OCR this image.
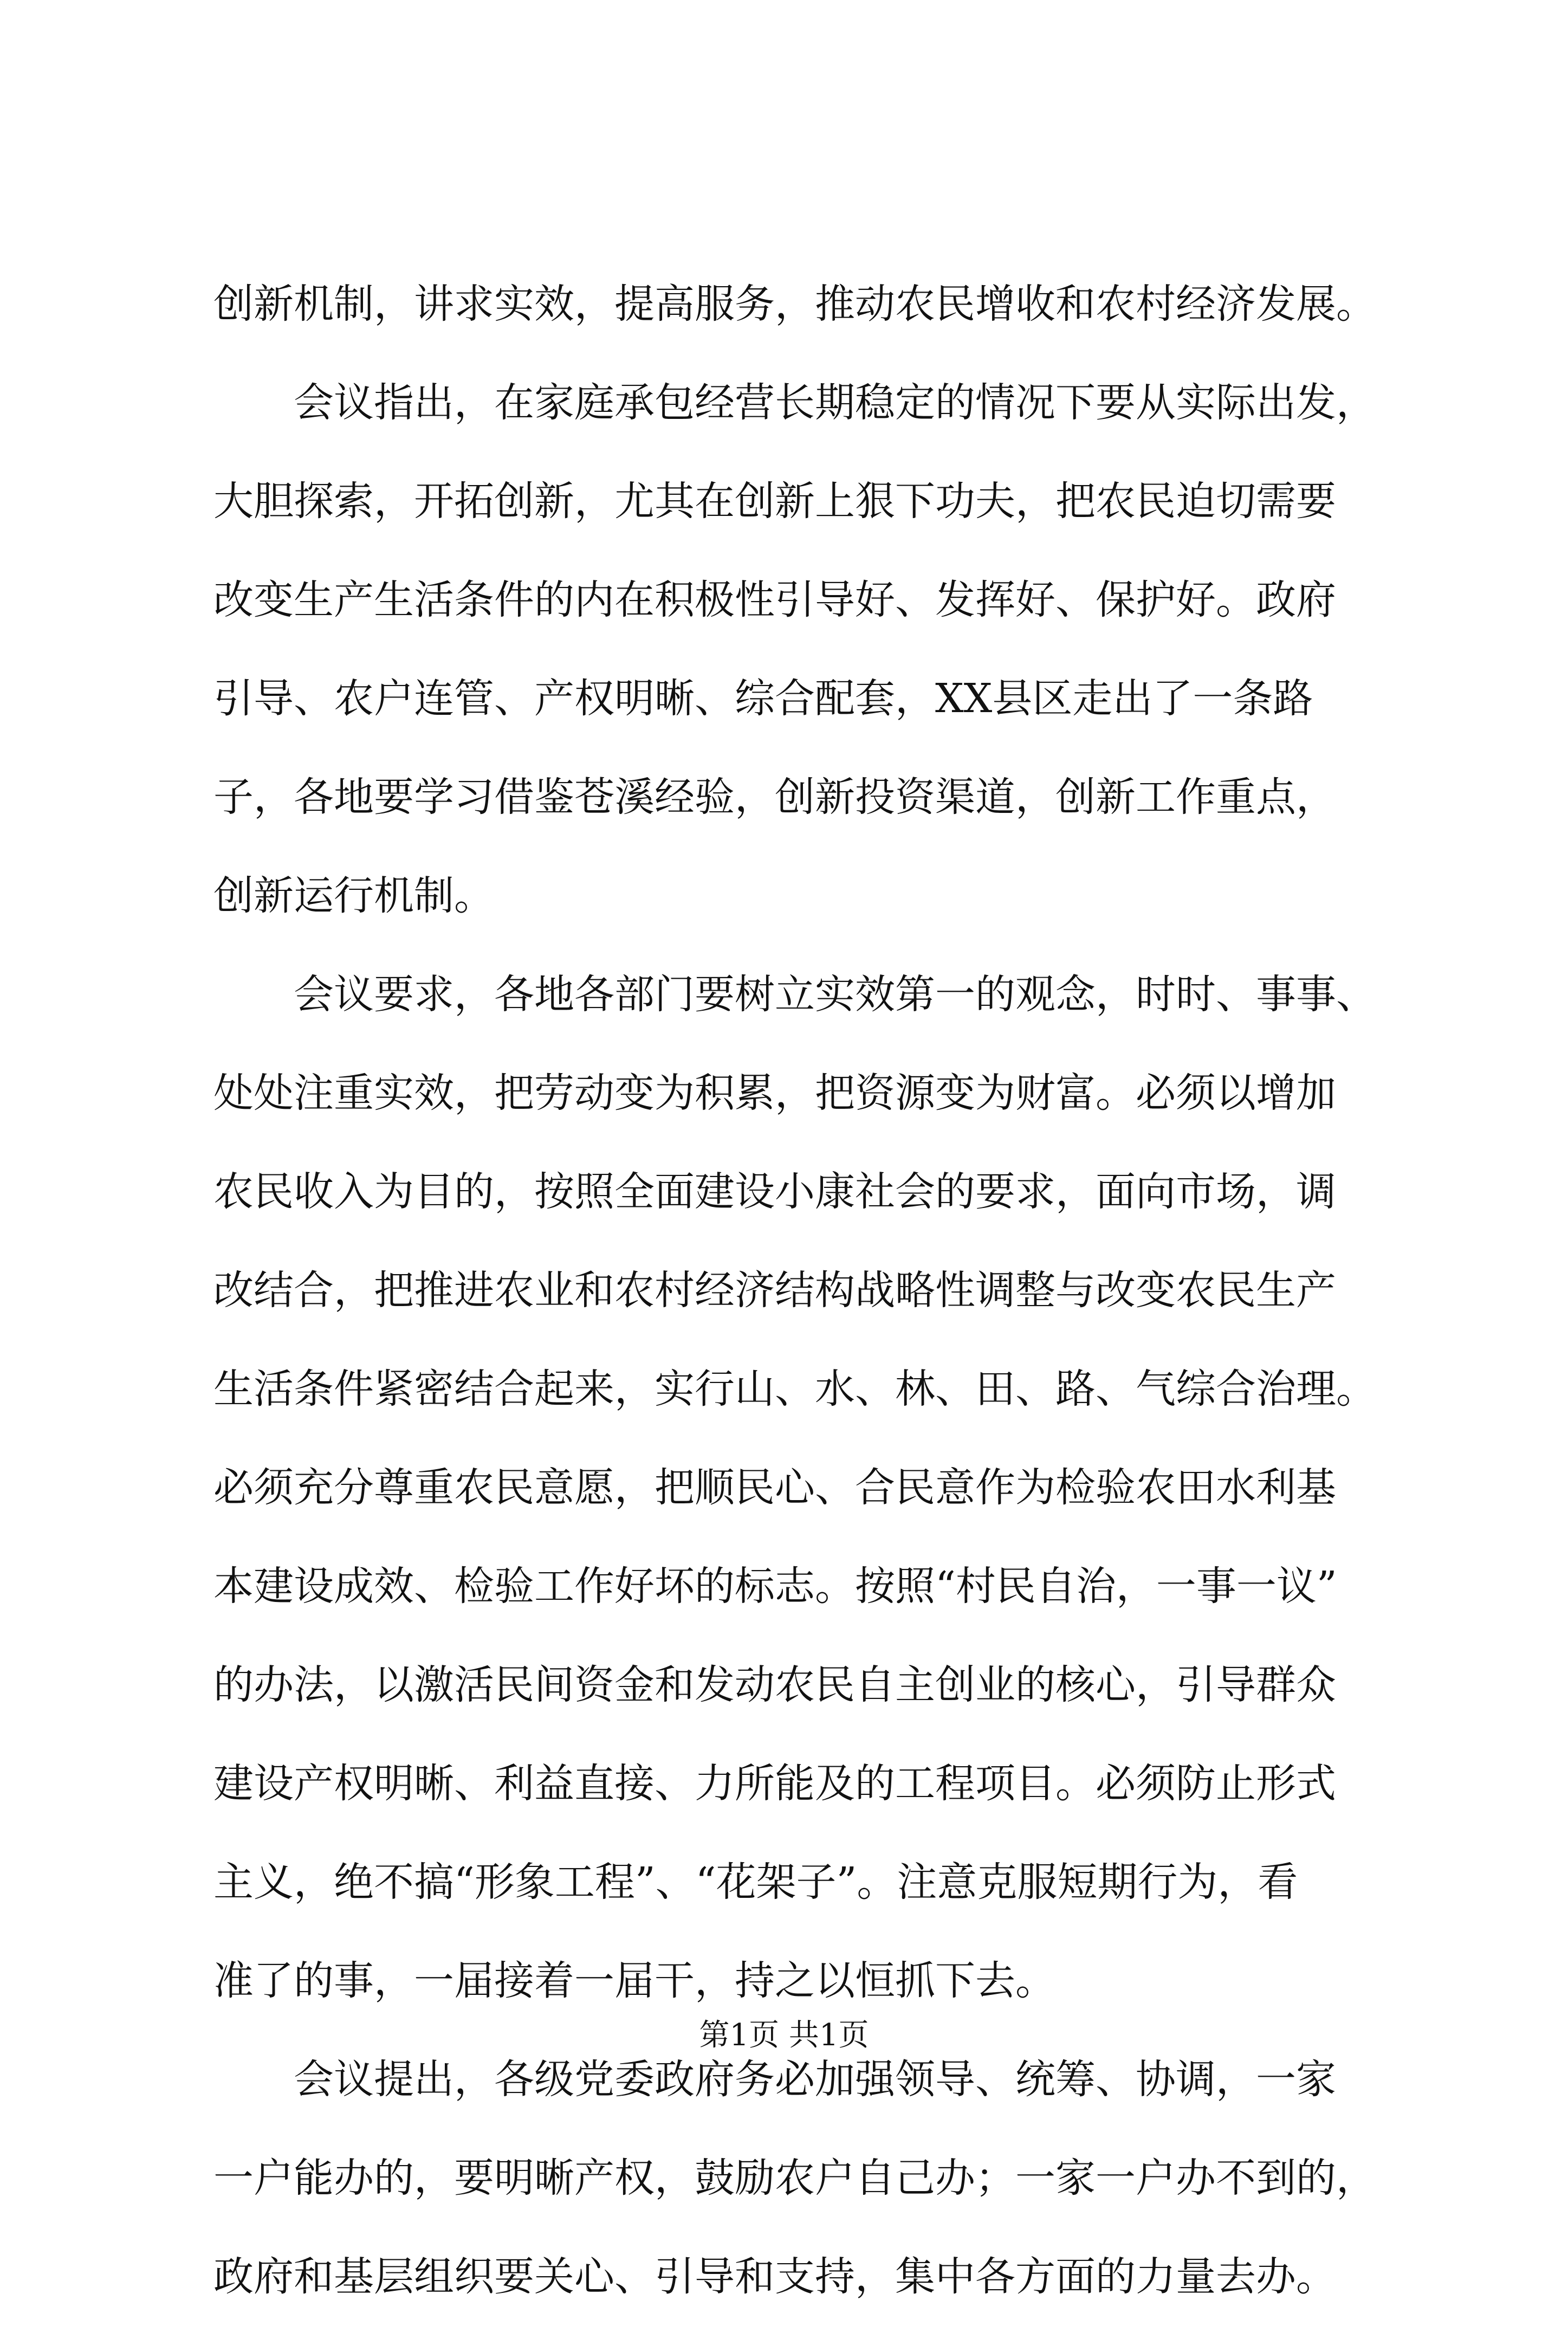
创新机制，讲求实效，提高服务，推动农民增收和农村经济发展。
会议指出，在家庭承包经营长期稳定的情况下要从实际出发，
大胆探索，开拓创新，尤其在创新上狠下功夫，把农民迫切需要
改变生产生活条件的内在积极性引导好、发挥好、保护好。政府
引导、农户连管、产权明晰、综合配套，XX县区走出了一条路
子，各地要学习借鉴苍溪经验，创新投资渠道，创新工作重点，
创新运行机制。
会议要求，各地各部门要树立实效第一的观念，时时、事事、
处处注重实效，把劳动变为积累，把资源变为财富。必须以增加
农民收入为目的，按照全面建设小康社会的要求，面向市场，调
改结合，把推进农业和农村经济结构战略性调整与改变农民生产
生活条件紧密结合起来，实行山、水、林、田、路、气综合治理。
必须充分尊重农民意愿，把顺民心、合民意作为检验农田水利基
本建设成效、检验工作好坏的标志。按照“村民自治，一事一议”
的办法，以激活民间资金和发动农民自主创业的核心，引导群众
建设产权明晰、利益直接、力所能及的工程项目。必须防止形式
主义，绝不搞“形象工程”、“花架子”。注意克服短期行为，看
准了的事，一届接着一届干，持之以恒抓下去。
会议提出，各级党委政府务必加强领导、统筹、协调，一家
一户能办的，要明晰产权，鼓励农户自己办；一家一户办不到的，
政府和基层组织要关心、引导和支持，集中各方面的力量去办。
第1页 共1页
